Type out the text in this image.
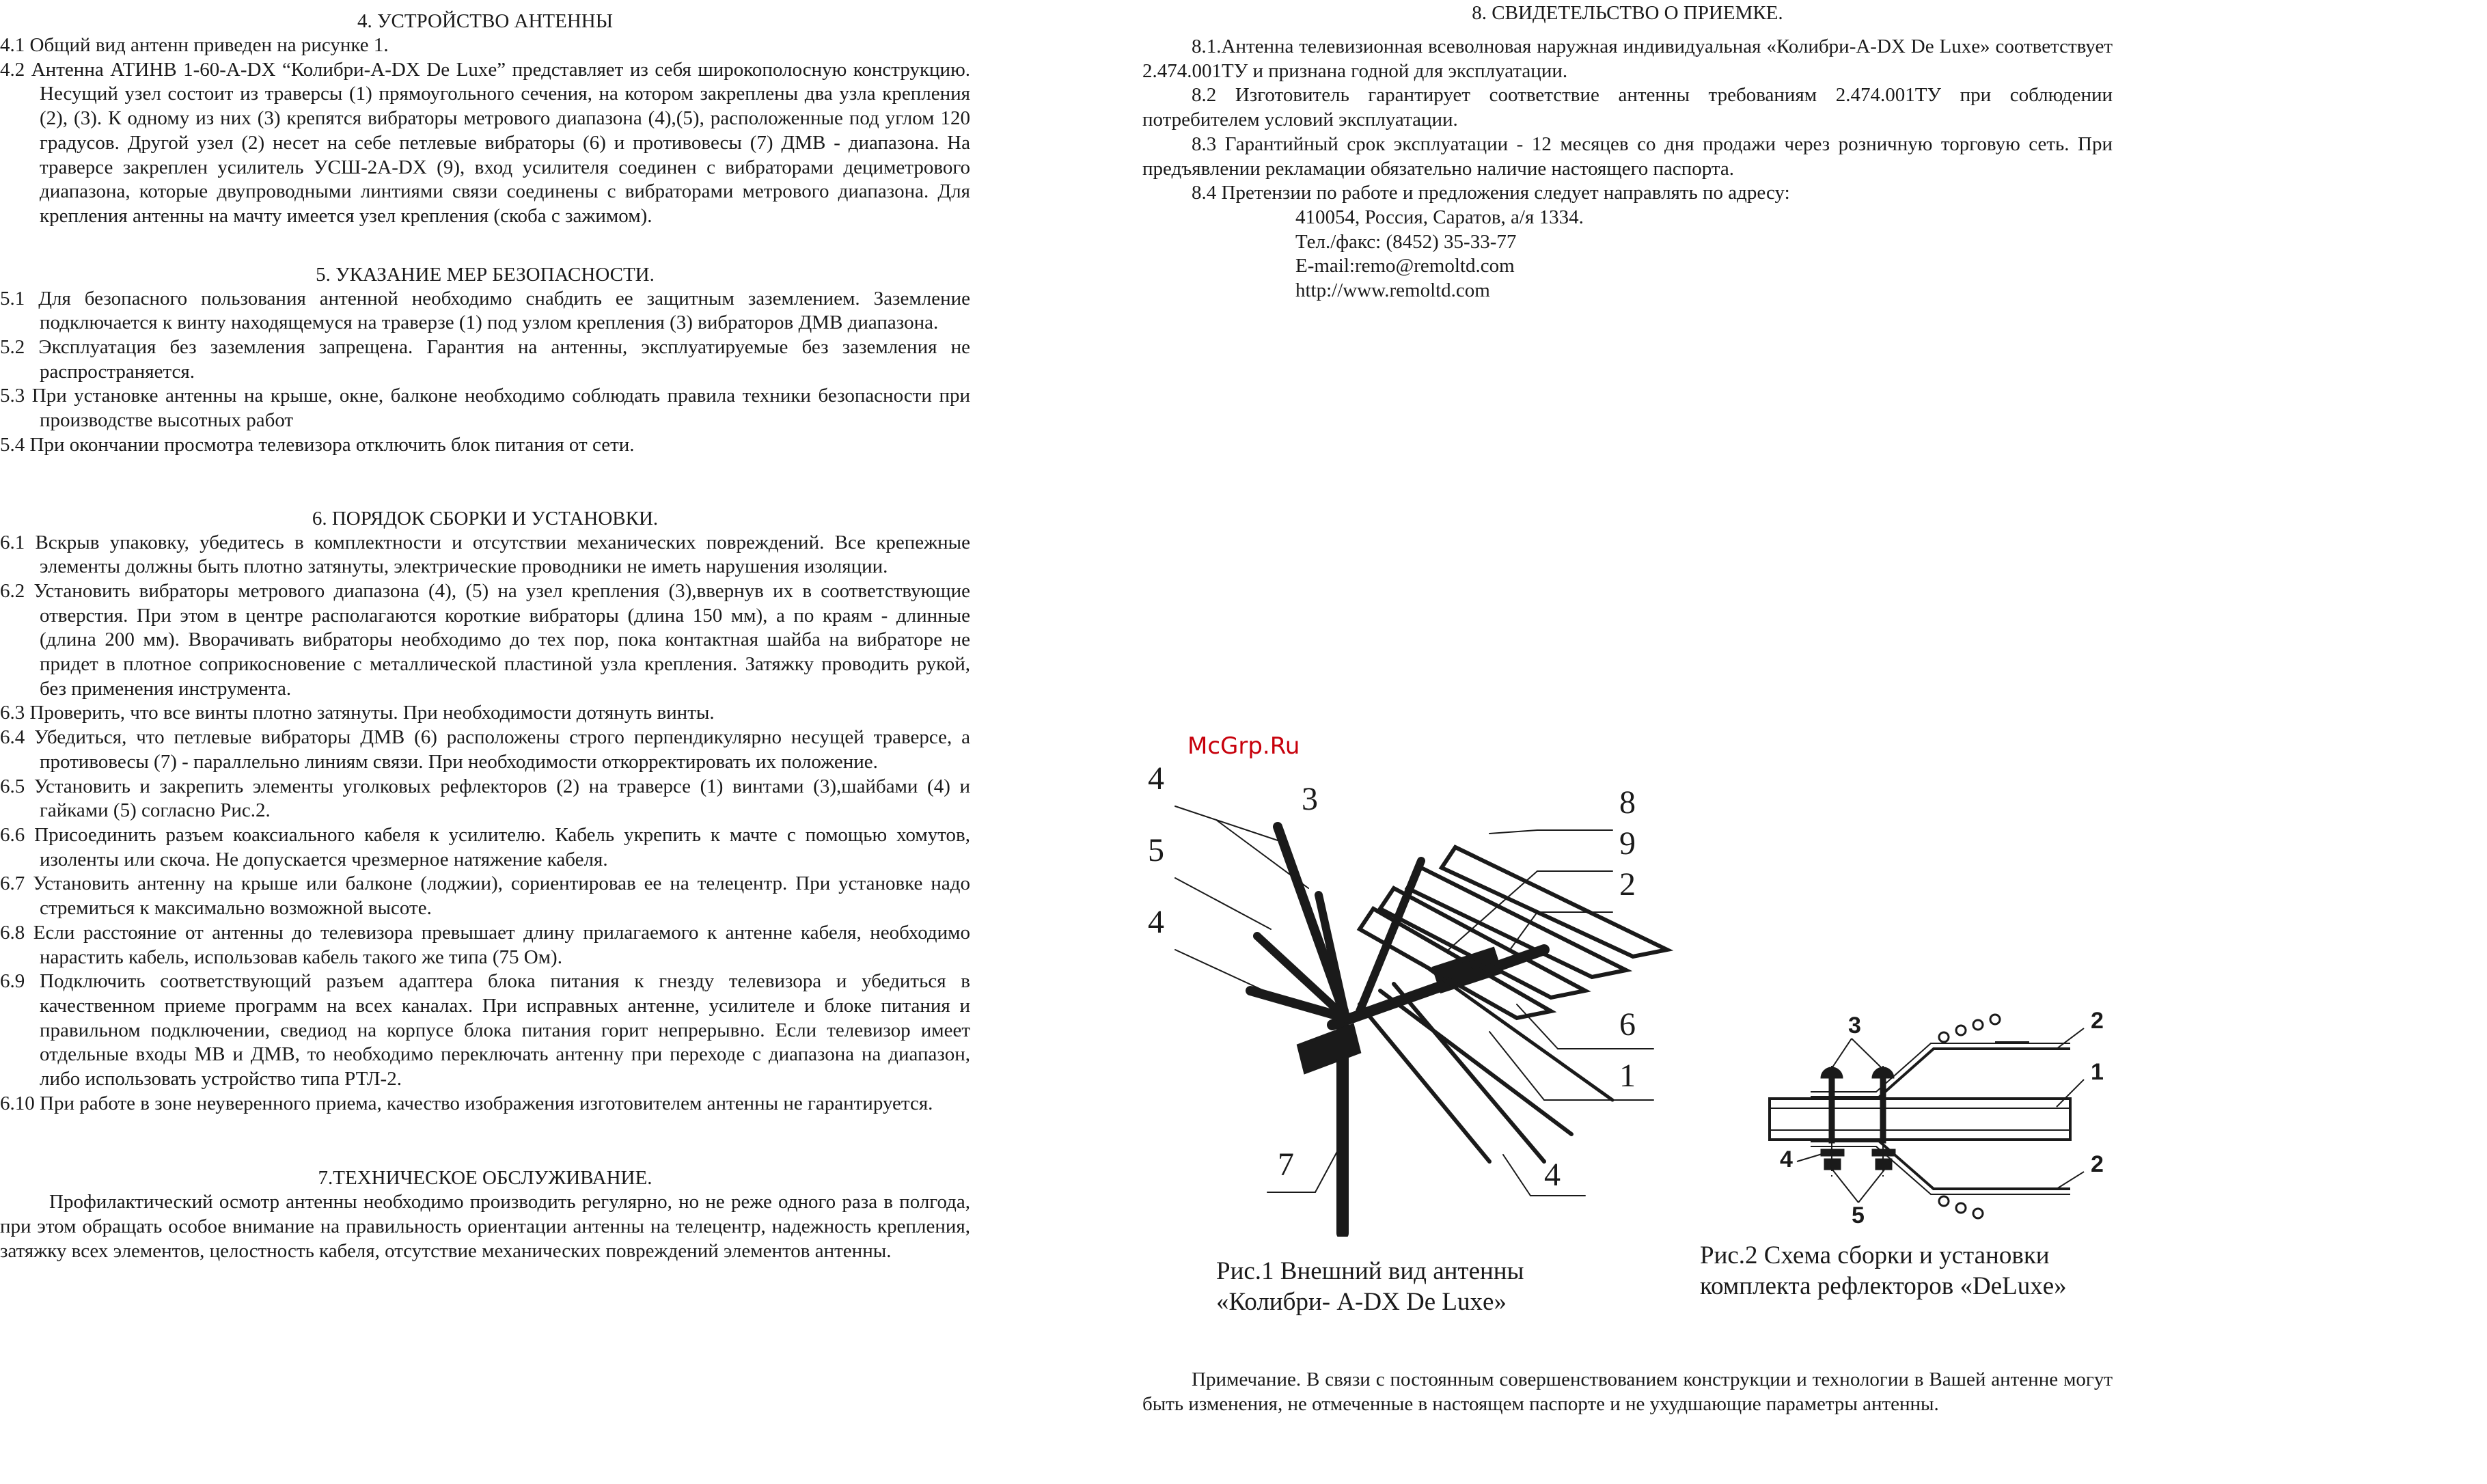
4. УСТРОЙСТВО АНТЕННЫ

4.1 Общий вид антенн приведен на рисунке 1.

4.2 Антенна АТИНВ 1-60-А-DX “Колибри-А-DX De Luxe” представляет из себя широкополосную конструкцию. Несущий узел состоит из траверсы (1) прямоугольного сечения, на котором закреплены два узла крепления (2), (3). К одному из них (3) крепятся вибраторы метрового диапазона (4),(5), расположенные под углом 120 градусов. Другой узел (2) несет на себе петлевые вибраторы (6) и противовесы (7) ДМВ - диапазона. На траверсе закреплен усилитель УСШ-2А-DX (9), вход усилителя соединен с вибраторами дециметрового диапазона, которые двупроводными линтиями связи соединены с вибраторами метрового диапазона. Для крепления антенны на мачту имеется узел крепления (скоба с зажимом).

5. УКАЗАНИЕ МЕР БЕЗОПАСНОСТИ.

5.1 Для безопасного пользования антенной необходимо снабдить ее защитным заземлением. Заземление подключается к винту находящемуся на траверзе (1) под узлом крепления (3) вибраторов ДМВ диапазона.

5.2 Эксплуатация без заземления запрещена. Гарантия на антенны, эксплуатируемые без заземления не распространяется.

5.3 При установке антенны на крыше, окне, балконе необходимо соблюдать правила техники безопасности при производстве высотных работ

5.4 При окончании просмотра телевизора отключить блок питания от сети.

6. ПОРЯДОК СБОРКИ И УСТАНОВКИ.

6.1 Вскрыв упаковку, убедитесь в комплектности и отсутствии механических повреждений. Все крепежные элементы должны быть плотно затянуты, электрические проводники не иметь нарушения изоляции.

6.2 Установить вибраторы метрового диапазона (4), (5) на узел крепления (3),ввернув их в соответствующие отверстия. При этом в центре располагаются короткие вибраторы (длина 150 мм), а по краям - длинные (длина 200 мм). Вворачивать вибраторы необходимо до тех пор, пока контактная шайба на вибраторе не придет в плотное соприкосновение с металлической пластиной узла крепления. Затяжку проводить рукой, без применения инструмента.

6.3 Проверить, что все винты плотно затянуты. При необходимости дотянуть винты.

6.4 Убедиться, что петлевые вибраторы ДМВ (6) расположены строго перпендикулярно несущей траверсе, а противовесы (7) - параллельно линиям связи. При необходимости откорректировать их положение.

6.5 Установить и закрепить элементы уголковых рефлекторов (2) на траверсе (1) винтами (3),шайбами (4) и гайками (5) согласно Рис.2.

6.6 Присоединить разъем коаксиального кабеля к усилителю. Кабель укрепить к мачте с помощью хомутов, изоленты или скоча. Не допускается чрезмерное натяжение кабеля.

6.7 Установить антенну на крыше или балконе (лоджии), сориентировав ее на телецентр. При установке надо стремиться к максимально возможной высоте.

6.8 Если расстояние от антенны до телевизора превышает длину прилагаемого к антенне кабеля, необходимо нарастить кабель, использовав кабель такого же типа (75 Ом).

6.9 Подключить соответствующий разъем адаптера блока питания к гнезду телевизора и убедиться в качественном приеме программ на всех каналах. При исправных антенне, усилителе и блоке питания и правильном подключении, сведиод на корпусе блока питания горит непрерывно. Если телевизор имеет отдельные входы МВ и ДМВ, то необходимо переключать антенну при переходе с диапазона на диапазон, либо использовать устройство типа РТЛ-2.

6.10 При работе в зоне неуверенного приема, качество изображения изготовителем антенны не гарантируется.

7.ТЕХНИЧЕСКОЕ ОБСЛУЖИВАНИЕ.

Профилактический осмотр антенны необходимо производить регулярно, но не реже одного раза в полгода, при этом обращать особое внимание на правильность ориентации антенны на телецентр, надежность крепления, затяжку всех элементов, целостность кабеля, отсутствие механических повреждений элементов антенны.

8. СВИДЕТЕЛЬСТВО О ПРИЕМКЕ.

8.1.Антенна телевизионная всеволновая наружная индивидуальная «Колибри-А-DX De Luxe» соответствует 2.474.001ТУ и признана годной для эксплуатации.

8.2 Изготовитель гарантирует соответствие антенны требованиям 2.474.001ТУ при соблюдении потребителем условий эксплуатации.

8.3 Гарантийный срок эксплуатации - 12 месяцев со дня продажи через розничную торговую сеть. При предъявлении рекламации обязательно наличие настоящего паспорта.

8.4 Претензии по работе и предложения следует направлять по адресу:

410054, Россия, Саратов, а/я 1334.

Тел./факс: (8452) 35-33-77

E-mail:remo@remoltd.com

http://www.remoltd.com

McGrp.Ru
4
3
5
4
8
9
2
6
1
7	4
Рис.1 Внешний вид антенны
«Колибри- А-DX De Luxe»
3	2
1
4	2
5
Рис.2 Схема сборки и установки
комплекта рефлекторов «DeLuxe»

Примечание. В связи с постоянным совершенствованием конструкции и технологии в Вашей антенне могут быть изменения, не отмеченные в настоящем паспорте и не ухудшающие параметры антенны.
